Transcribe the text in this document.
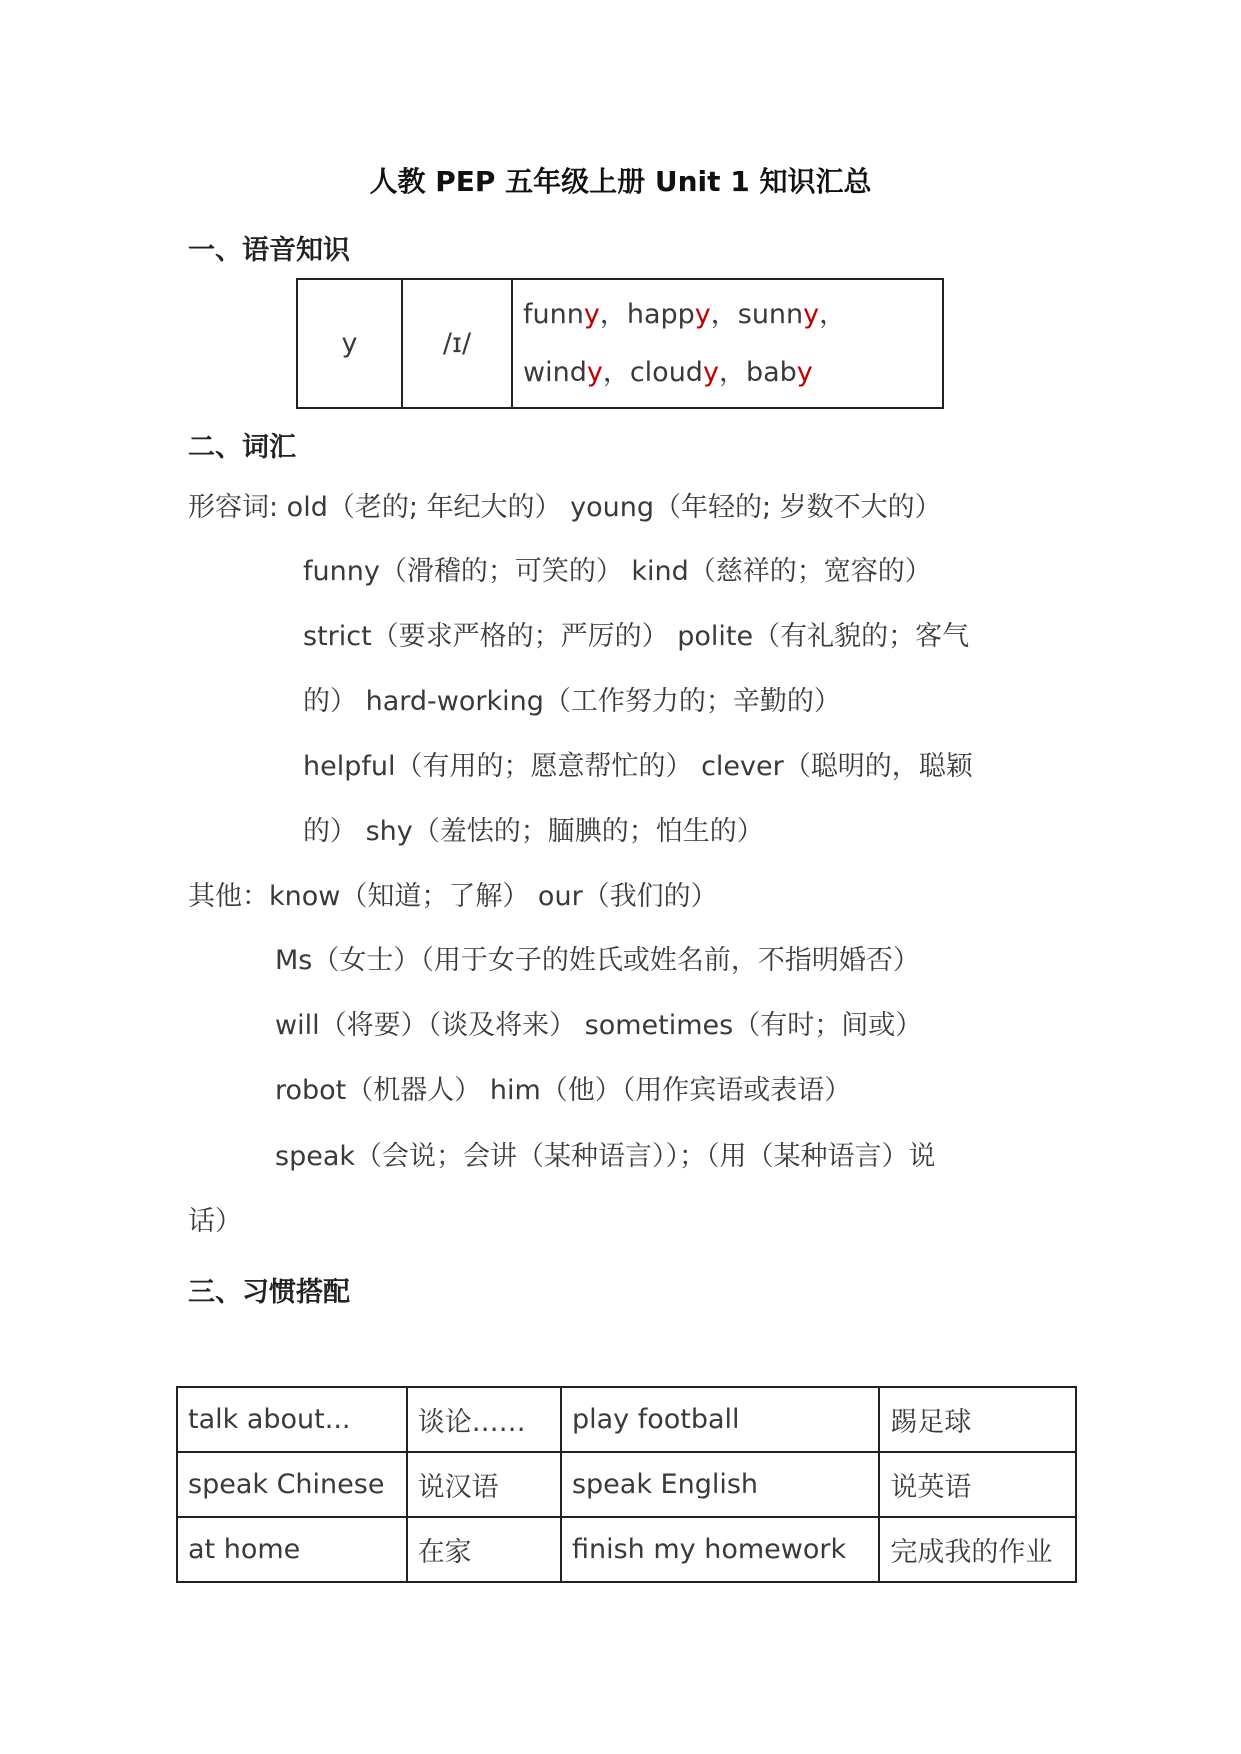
人教 PEP 五年级上册 Unit 1 知识汇总
一、语音知识
y	/ɪ/	
funny，happy，sunny，
windy，cloudy，baby
二、词汇
形容词: old（老的; 年纪大的） young（年轻的; 岁数不大的）
funny（滑稽的；可笑的） kind（慈祥的；宽容的）
strict（要求严格的；严厉的） polite（有礼貌的；客气
的） hard-working（工作努力的；辛勤的）
helpful（有用的；愿意帮忙的） clever（聪明的，聪颖
的） shy（羞怯的；腼腆的；怕生的）
其他：know（知道；了解） our（我们的）
Ms（女士）（用于女子的姓氏或姓名前，不指明婚否）
will（将要）（谈及将来） sometimes（有时；间或）
robot（机器人） him（他）（用作宾语或表语）
speak（会说；会讲（某种语言））；（用（某种语言）说
话）
三、习惯搭配
talk about...	谈论……	play football	踢足球
speak Chinese	说汉语	speak English	说英语
at home	在家	finish my homework	完成我的作业
